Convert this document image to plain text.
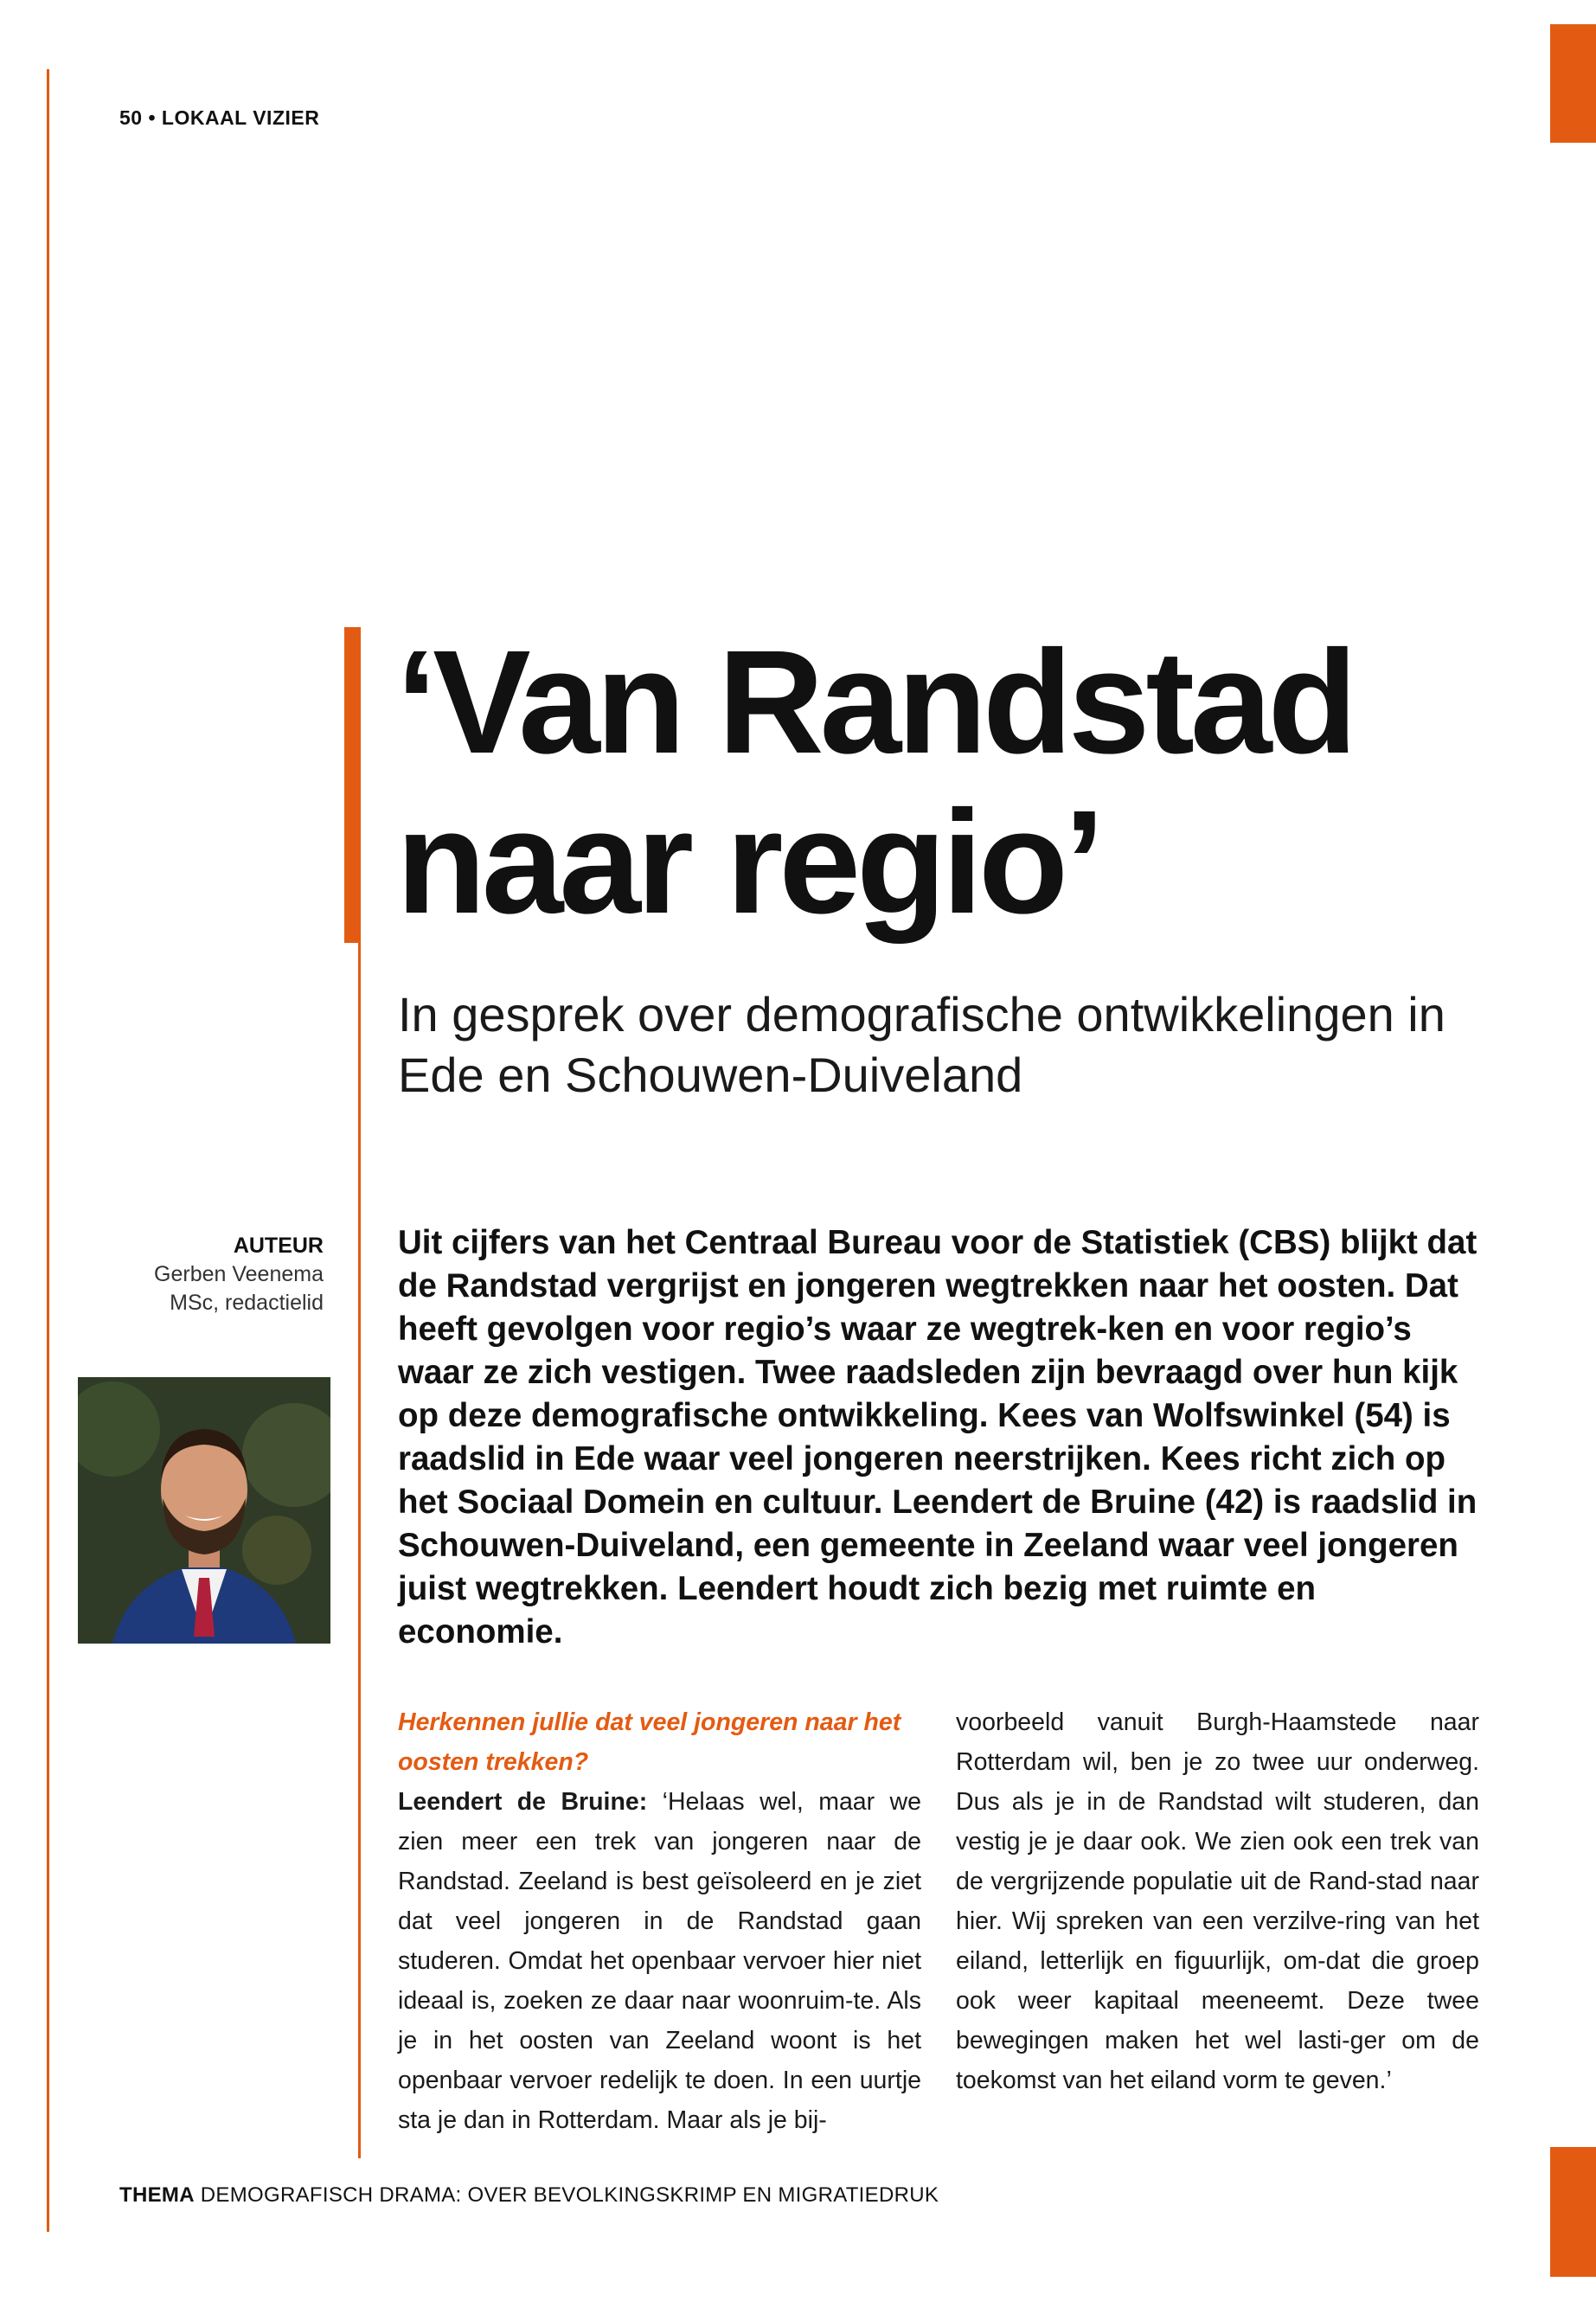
50 • LOKAAL VIZIER
‘Van Randstad naar regio’
In gesprek over demografische ontwikkelingen in Ede en Schouwen-Duiveland
AUTEUR
Gerben Veenema MSc, redactielid

Uit cijfers van het Centraal Bureau voor de Statistiek (CBS) blijkt dat de Randstad vergrijst en jongeren wegtrekken naar het oosten. Dat heeft gevolgen voor regio’s waar ze wegtrek-ken en voor regio’s waar ze zich vestigen. Twee raadsleden zijn bevraagd over hun kijk op deze demografische ontwikkeling. Kees van Wolfswinkel (54) is raadslid in Ede waar veel jongeren neerstrijken. Kees richt zich op het Sociaal Domein en cultuur. Leendert de Bruine (42) is raadslid in Schouwen-Duiveland, een gemeente in Zeeland waar veel jongeren juist wegtrekken. Leendert houdt zich bezig met ruimte en economie.

Herkennen jullie dat veel jongeren naar het oosten trekken?
Leendert de Bruine: ‘Helaas wel, maar we zien meer een trek van jongeren naar de Randstad. Zeeland is best geïsoleerd en je ziet dat veel jongeren in de Randstad gaan studeren. Omdat het openbaar vervoer hier niet ideaal is, zoeken ze daar naar woonruim-te. Als je in het oosten van Zeeland woont is het openbaar vervoer redelijk te doen. In een uurtje sta je dan in Rotterdam. Maar als je bij-
voorbeeld vanuit Burgh-Haamstede naar Rotterdam wil, ben je zo twee uur onderweg. Dus als je in de Randstad wilt studeren, dan vestig je je daar ook. We zien ook een trek van de vergrijzende populatie uit de Rand-stad naar hier. Wij spreken van een verzilve-ring van het eiland, letterlijk en figuurlijk, om-dat die groep ook weer kapitaal meeneemt. Deze twee bewegingen maken het wel lasti-ger om de toekomst van het eiland vorm te geven.’
THEMA DEMOGRAFISCH DRAMA: OVER BEVOLKINGSKRIMP EN MIGRATIEDRUK
